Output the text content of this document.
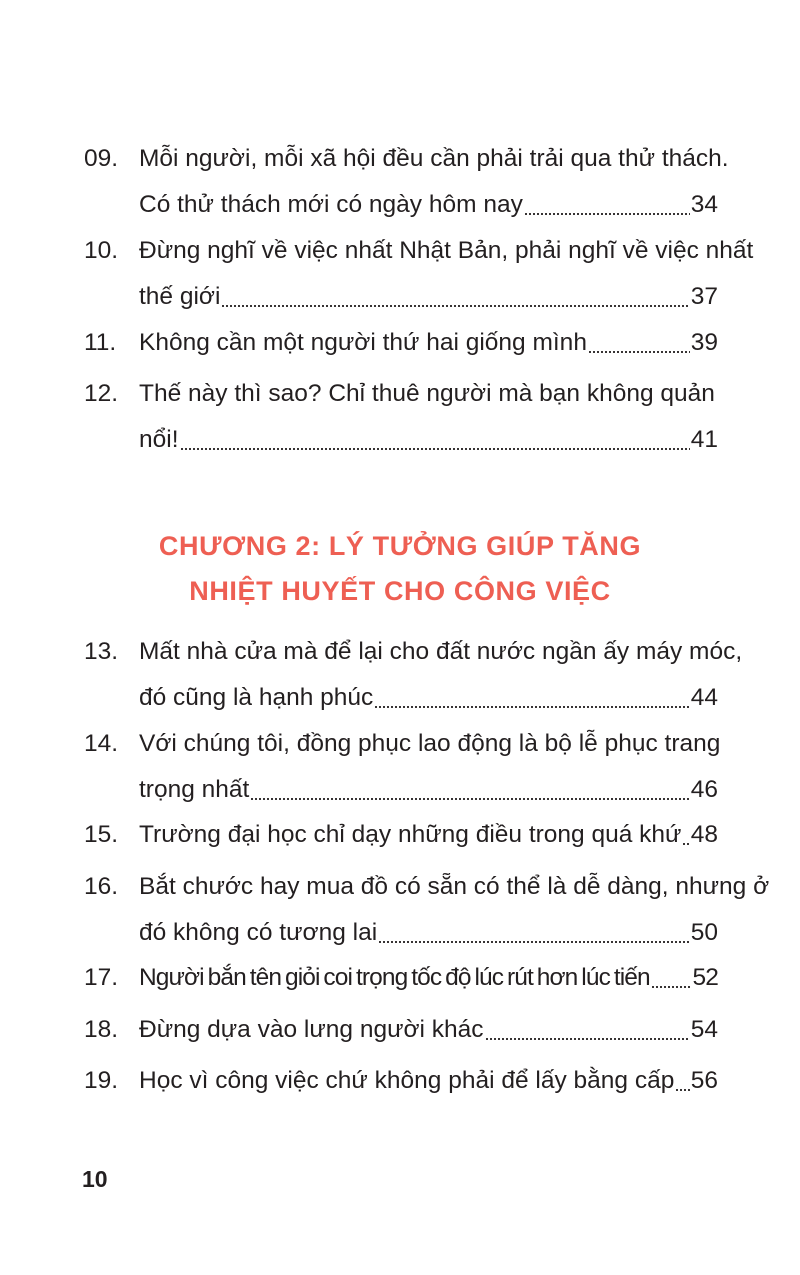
09. Mỗi người, mỗi xã hội đều cần phải trải qua thử thách.
Có thử thách mới có ngày hôm nay	34
10. Đừng nghĩ về việc nhất Nhật Bản, phải nghĩ về việc nhất
thế giới	37
11. Không cần một người thứ hai giống mình	39
12. Thế này thì sao? Chỉ thuê người mà bạn không quản
nổi!	41
CHƯƠNG 2: LÝ TƯỞNG GIÚP TĂNG
NHIỆT HUYẾT CHO CÔNG VIỆC
13. Mất nhà cửa mà để lại cho đất nước ngần ấy máy móc,
đó cũng là hạnh phúc	44
14. Với chúng tôi, đồng phục lao động là bộ lễ phục trang
trọng nhất	46
15. Trường đại học chỉ dạy những điều trong quá khứ 48
16. Bắt chước hay mua đồ có sẵn có thể là dễ dàng, nhưng ở
đó không có tương lai	50
17. Người bắn tên giỏi coi trọng tốc độ lúc rút hơn lúc tiến 52
18. Đừng dựa vào lưng người khác	54
19. Học vì công việc chứ không phải để lấy bằng cấp 56
10
